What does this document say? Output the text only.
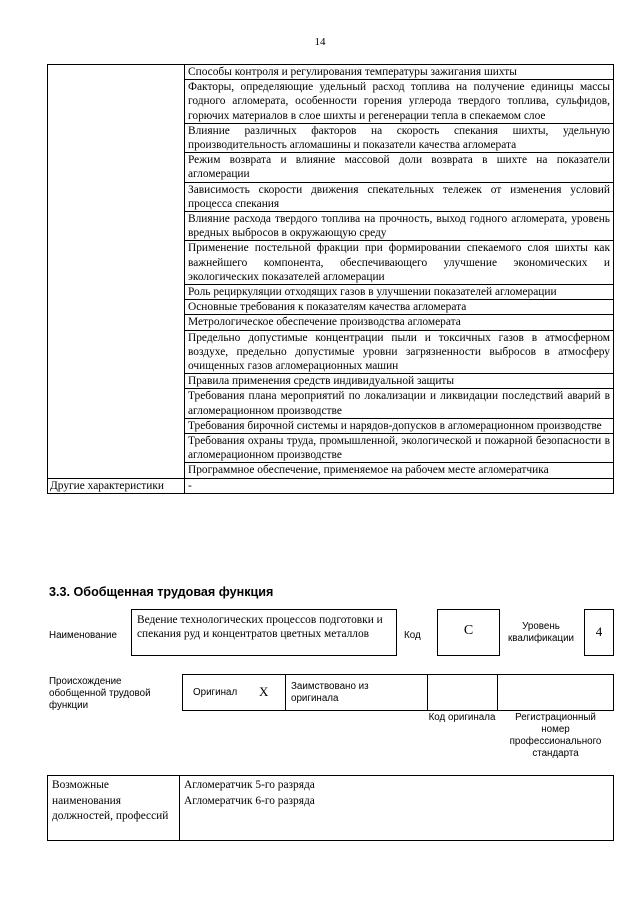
14
	Способы контроля и регулирования температуры зажигания шихты
	Факторы, определяющие удельный расход топлива на получение единицы массы годного агломерата, особенности горения углерода твердого топлива, сульфидов, горючих материалов в слое шихты и регенерации тепла в спекаемом слое
	Влияние различных факторов на скорость спекания шихты, удельную производительность агломашины и показатели качества агломерата
	Режим возврата и влияние массовой доли возврата в шихте на показатели агломерации
	Зависимость скорости движения спекательных тележек от изменения условий процесса спекания
	Влияние расхода твердого топлива на прочность, выход годного агломерата, уровень вредных выбросов в окружающую среду
	Применение постельной фракции при формировании спекаемого слоя шихты как важнейшего компонента, обеспечивающего улучшение экономических и экологических показателей агломерации
	Роль рециркуляции отходящих газов в улучшении показателей агломерации
	Основные требования к показателям качества агломерата
	Метрологическое обеспечение производства агломерата
	Предельно допустимые концентрации пыли и токсичных газов в атмосферном воздухе, предельно допустимые уровни загрязненности выбросов в атмосферу очищенных газов агломерационных машин
	Правила применения средств индивидуальной защиты
	Требования плана мероприятий по локализации и ликвидации последствий аварий в агломерационном производстве
	Требования бирочной системы и нарядов-допусков в агломерационном производстве
	Требования охраны труда, промышленной, экологической и пожарной безопасности в агломерационном производстве
	Программное обеспечение, применяемое на рабочем месте агломератчика
Другие характеристики	-
3.3. Обобщенная трудовая функция
Наименование
Ведение технологических процессов подготовки и спекания руд и концентратов цветных металлов	Код	C	Уровень квалификации	4
Происхождение обобщенной трудовой функции
Оригинал X Заимствовано из оригинала
Код оригинала	Регистрационный номер профессионального стандарта
Возможные наименования должностей, профессий	
Агломератчик 5-го разряда
Агломератчик 6-го разряда
